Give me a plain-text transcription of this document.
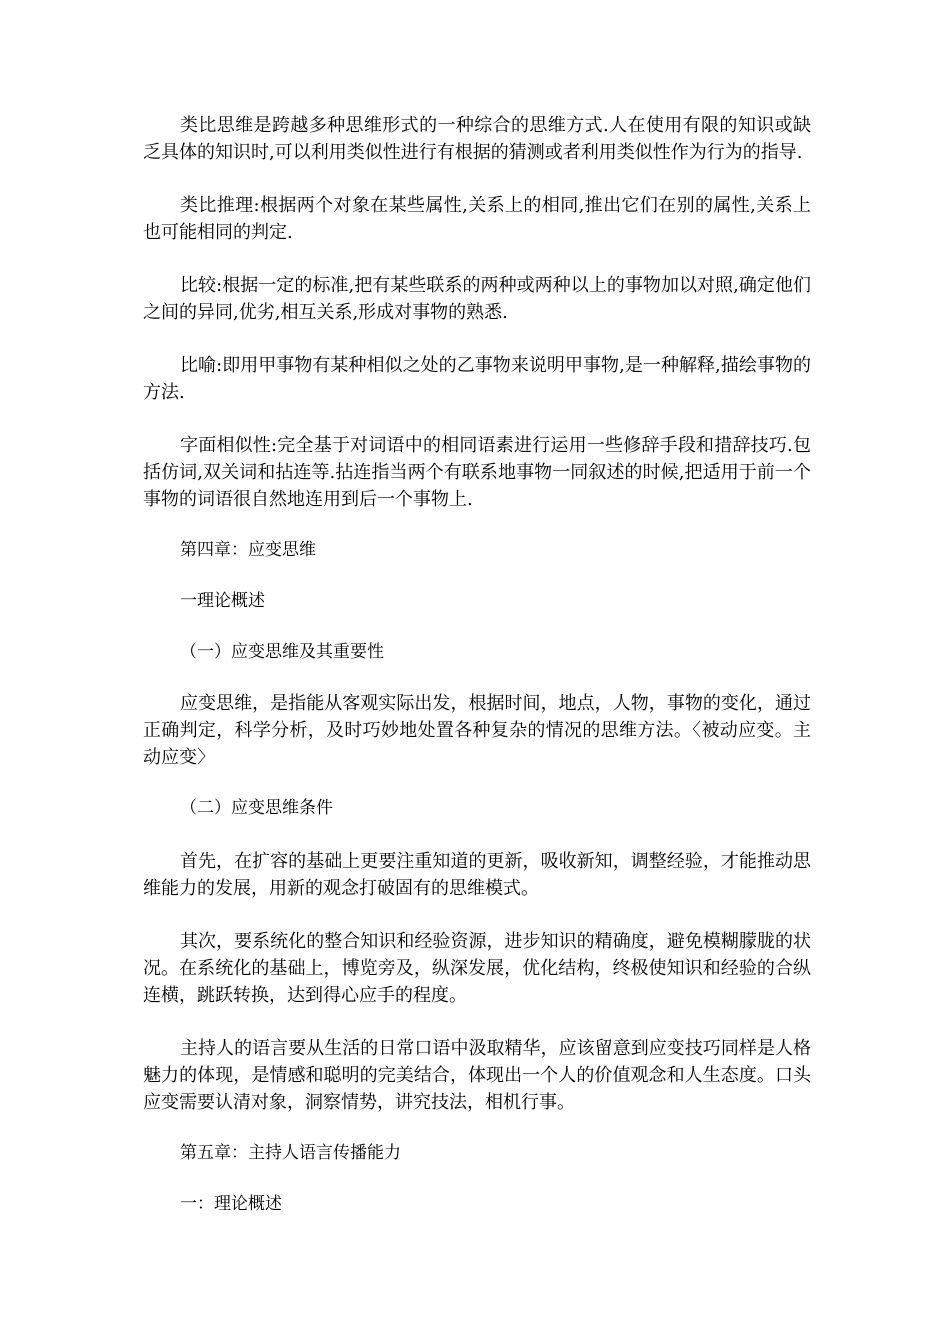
类比思维是跨越多种思维形式的一种综合的思维方式.人在使用有限的知识或缺乏具体的知识时,可以利用类似性进行有根据的猜测或者利用类似性作为行为的指导.

类比推理:根据两个对象在某些属性,关系上的相同,推出它们在别的属性,关系上也可能相同的判定.

比较:根据一定的标准,把有某些联系的两种或两种以上的事物加以对照,确定他们之间的异同,优劣,相互关系,形成对事物的熟悉.

比喻:即用甲事物有某种相似之处的乙事物来说明甲事物,是一种解释,描绘事物的方法.

字面相似性:完全基于对词语中的相同语素进行运用一些修辞手段和措辞技巧.包括仿词,双关词和拈连等.拈连指当两个有联系地事物一同叙述的时候,把适用于前一个事物的词语很自然地连用到后一个事物上.

第四章：应变思维

一理论概述

（一）应变思维及其重要性

应变思维，是指能从客观实际出发，根据时间，地点，人物，事物的变化，通过正确判定，科学分析，及时巧妙地处置各种复杂的情况的思维方法。〈被动应变。主动应变〉

（二）应变思维条件

首先，在扩容的基础上更要注重知道的更新，吸收新知，调整经验，才能推动思维能力的发展，用新的观念打破固有的思维模式。

其次，要系统化的整合知识和经验资源，进步知识的精确度，避免模糊朦胧的状况。在系统化的基础上，博览旁及，纵深发展，优化结构，终极使知识和经验的合纵连横，跳跃转换，达到得心应手的程度。

主持人的语言要从生活的日常口语中汲取精华，应该留意到应变技巧同样是人格魅力的体现，是情感和聪明的完美结合，体现出一个人的价值观念和人生态度。口头应变需要认清对象，洞察情势，讲究技法，相机行事。

第五章：主持人语言传播能力

一：理论概述
